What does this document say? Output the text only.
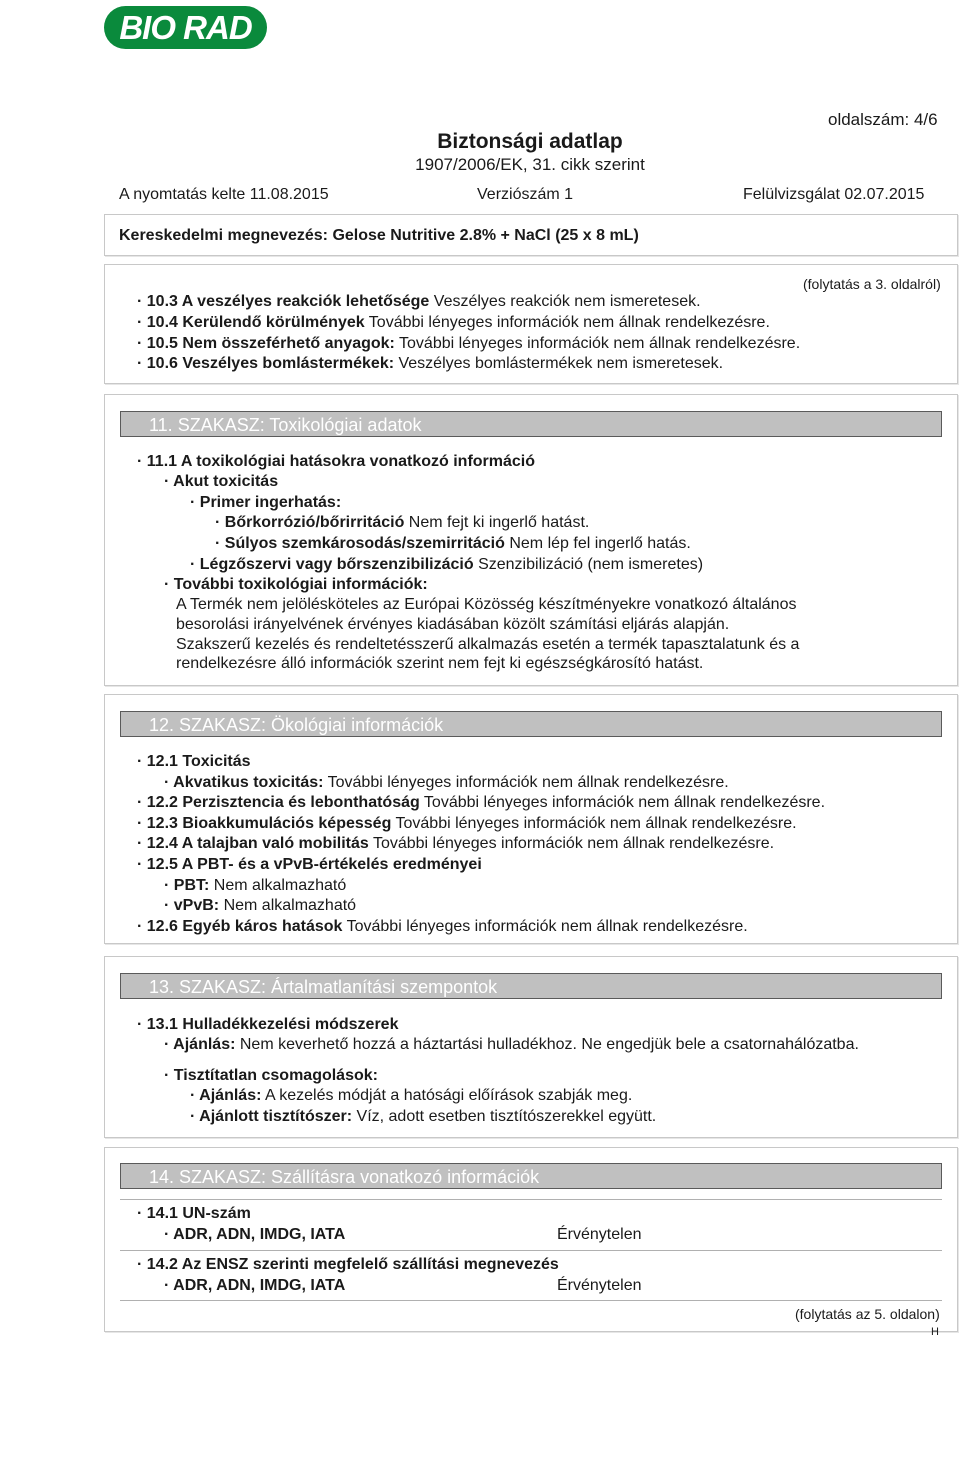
BIO RAD
oldalszám: 4/6
Biztonsági adatlap
1907/2006/EK, 31. cikk szerint
A nyomtatás kelte 11.08.2015	Verziószám 1	Felülvizsgálat 02.07.2015
Kereskedelmi megnevezés: Gelose Nutritive 2.8% + NaCl (25 x 8 mL)
(folytatás a 3. oldalról)
· 10.3 A veszélyes reakciók lehetősége Veszélyes reakciók nem ismeretesek.
· 10.4 Kerülendő körülmények További lényeges információk nem állnak rendelkezésre.
· 10.5 Nem összeférhető anyagok: További lényeges információk nem állnak rendelkezésre.
· 10.6 Veszélyes bomlástermékek: Veszélyes bomlástermékek nem ismeretesek.
11. SZAKASZ: Toxikológiai adatok
· 11.1 A toxikológiai hatásokra vonatkozó információ
· Akut toxicitás
· Primer ingerhatás:
· Bőrkorrózió/bőrirritáció Nem fejt ki ingerlő hatást.
· Súlyos szemkárosodás/szemirritáció Nem lép fel ingerlő hatás.
· Légzőszervi vagy bőrszenzibilizáció Szenzibilizáció (nem ismeretes)
· További toxikológiai információk:
A Termék nem jelölésköteles az Európai Közösség készítményekre vonatkozó általános
besorolási irányelvének érvényes kiadásában közölt számítási eljárás alapján.
Szakszerű kezelés és rendeltetésszerű alkalmazás esetén a termék tapasztalatunk és a
rendelkezésre álló információk szerint nem fejt ki egészségkárosító hatást.
12. SZAKASZ: Ökológiai információk
· 12.1 Toxicitás
· Akvatikus toxicitás: További lényeges információk nem állnak rendelkezésre.
· 12.2 Perzisztencia és lebonthatóság További lényeges információk nem állnak rendelkezésre.
· 12.3 Bioakkumulációs képesség További lényeges információk nem állnak rendelkezésre.
· 12.4 A talajban való mobilitás További lényeges információk nem állnak rendelkezésre.
· 12.5 A PBT- és a vPvB-értékelés eredményei
· PBT: Nem alkalmazható
· vPvB: Nem alkalmazható
· 12.6 Egyéb káros hatások További lényeges információk nem állnak rendelkezésre.
13. SZAKASZ: Ártalmatlanítási szempontok
· 13.1 Hulladékkezelési módszerek
· Ajánlás: Nem keverhető hozzá a háztartási hulladékhoz. Ne engedjük bele a csatornahálózatba.
· Tisztítatlan csomagolások:
· Ajánlás: A kezelés módját a hatósági előírások szabják meg.
· Ajánlott tisztítószer: Víz, adott esetben tisztítószerekkel együtt.
14. SZAKASZ: Szállításra vonatkozó információk
· 14.1 UN-szám
· ADR, ADN, IMDG, IATA	Érvénytelen
· 14.2 Az ENSZ szerinti megfelelő szállítási megnevezés
· ADR, ADN, IMDG, IATA	Érvénytelen
(folytatás az 5. oldalon)
H
